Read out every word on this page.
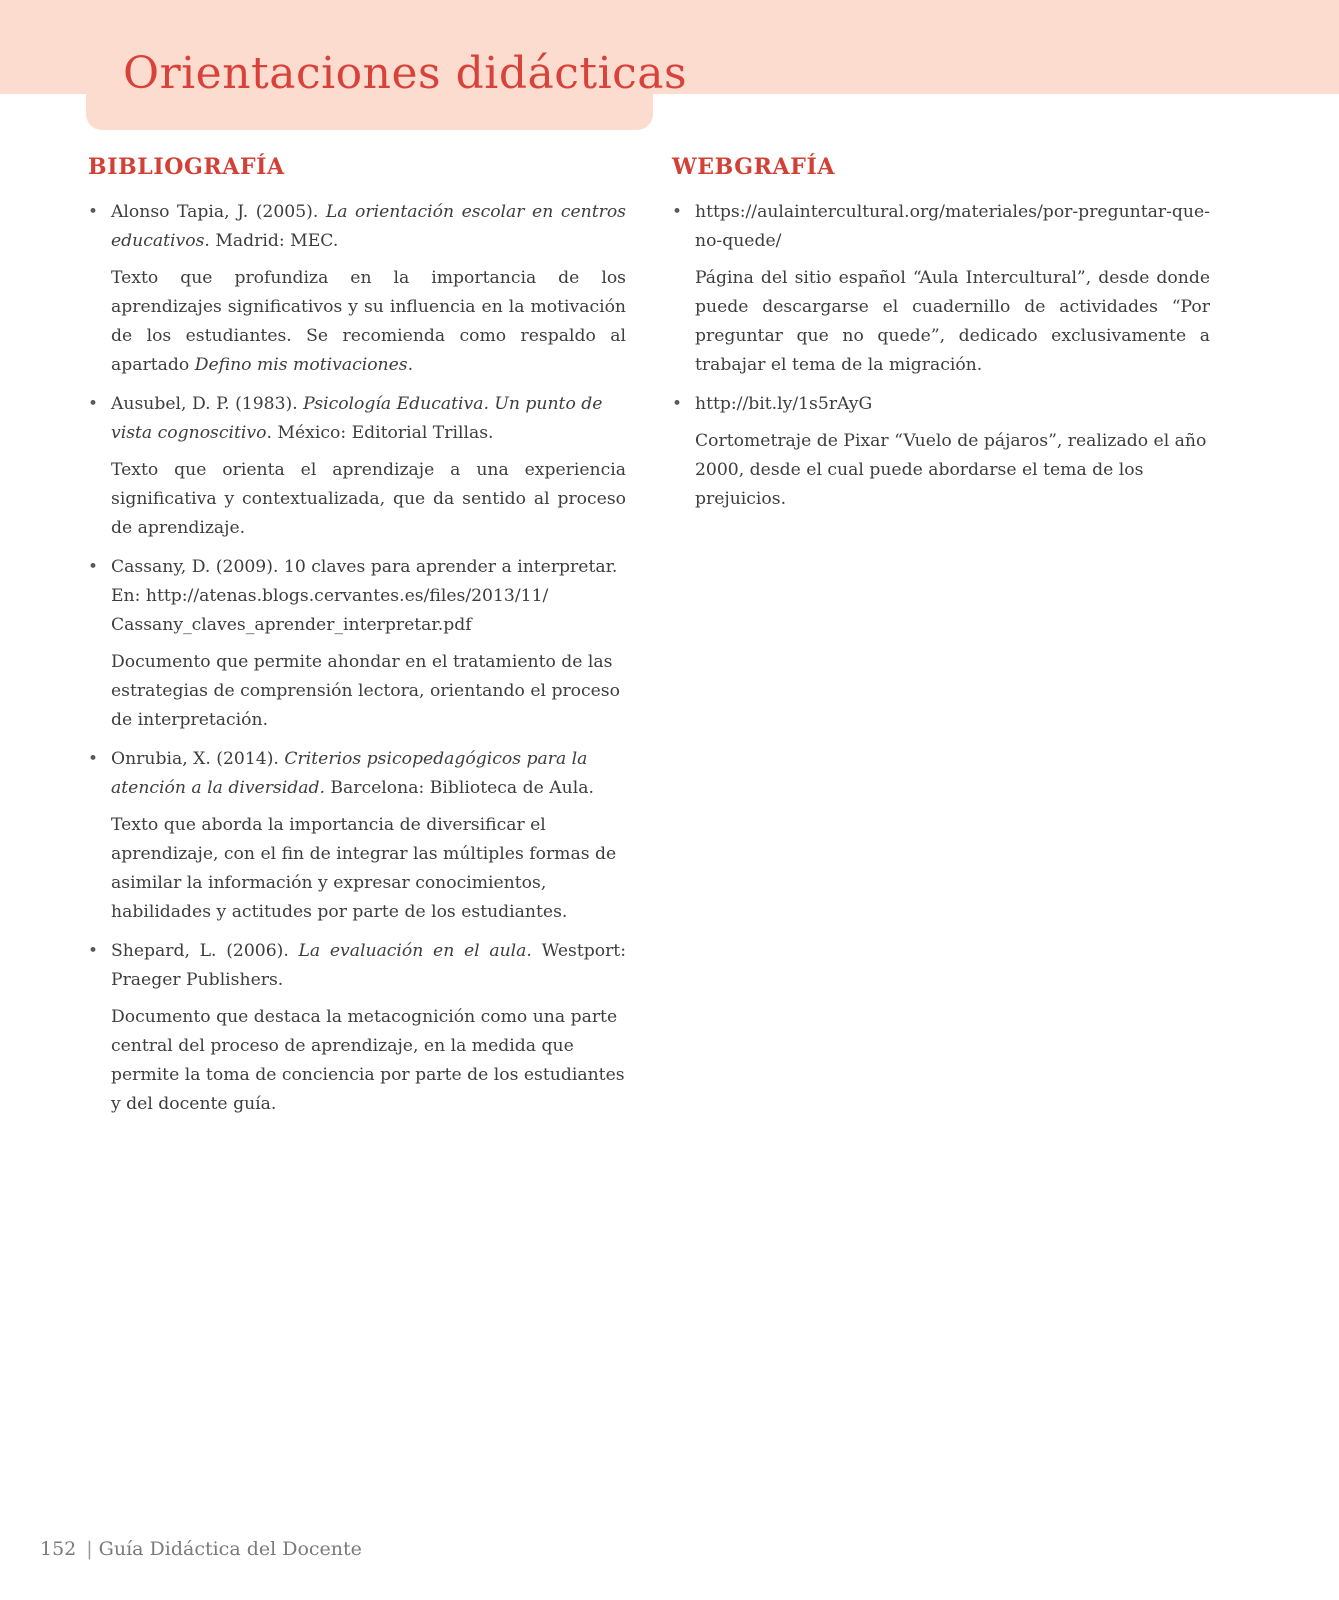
Orientaciones didácticas
BIBLIOGRAFÍA
• Alonso Tapia, J. (2005). La orientación escolar en centros educativos. Madrid: MEC.

Texto que profundiza en la importancia de los aprendizajes significativos y su influencia en la motivación de los estudiantes. Se recomienda como respaldo al apartado Defino mis motivaciones.

• Ausubel, D. P. (1983). Psicología Educativa. Un punto de vista cognoscitivo. México: Editorial Trillas.

Texto que orienta el aprendizaje a una experiencia significativa y contextualizada, que da sentido al proceso de aprendizaje.

• Cassany, D. (2009). 10 claves para aprender a interpretar. En: http://atenas.blogs.cervantes.es/files/2013/11/ Cassany_claves_aprender_interpretar.pdf

Documento que permite ahondar en el tratamiento de las estrategias de comprensión lectora, orientando el proceso de interpretación.

• Onrubia, X. (2014). Criterios psicopedagógicos para la atención a la diversidad. Barcelona: Biblioteca de Aula.

Texto que aborda la importancia de diversificar el aprendizaje, con el fin de integrar las múltiples formas de asimilar la información y expresar conocimientos, habilidades y actitudes por parte de los estudiantes.

• Shepard, L. (2006). La evaluación en el aula. Westport: Praeger Publishers.

Documento que destaca la metacognición como una parte central del proceso de aprendizaje, en la medida que permite la toma de conciencia por parte de los estudiantes y del docente guía.

WEBGRAFÍA
• https://aulaintercultural.org/materiales/por-preguntar-que-no-quede/

Página del sitio español “Aula Intercultural”, desde donde puede descargarse el cuadernillo de actividades “Por preguntar que no quede”, dedicado exclusivamente a trabajar el tema de la migración.

• http://bit.ly/1s5rAyG

Cortometraje de Pixar “Vuelo de pájaros”, realizado el año 2000, desde el cual puede abordarse el tema de los prejuicios.

152 | Guía Didáctica del Docente
